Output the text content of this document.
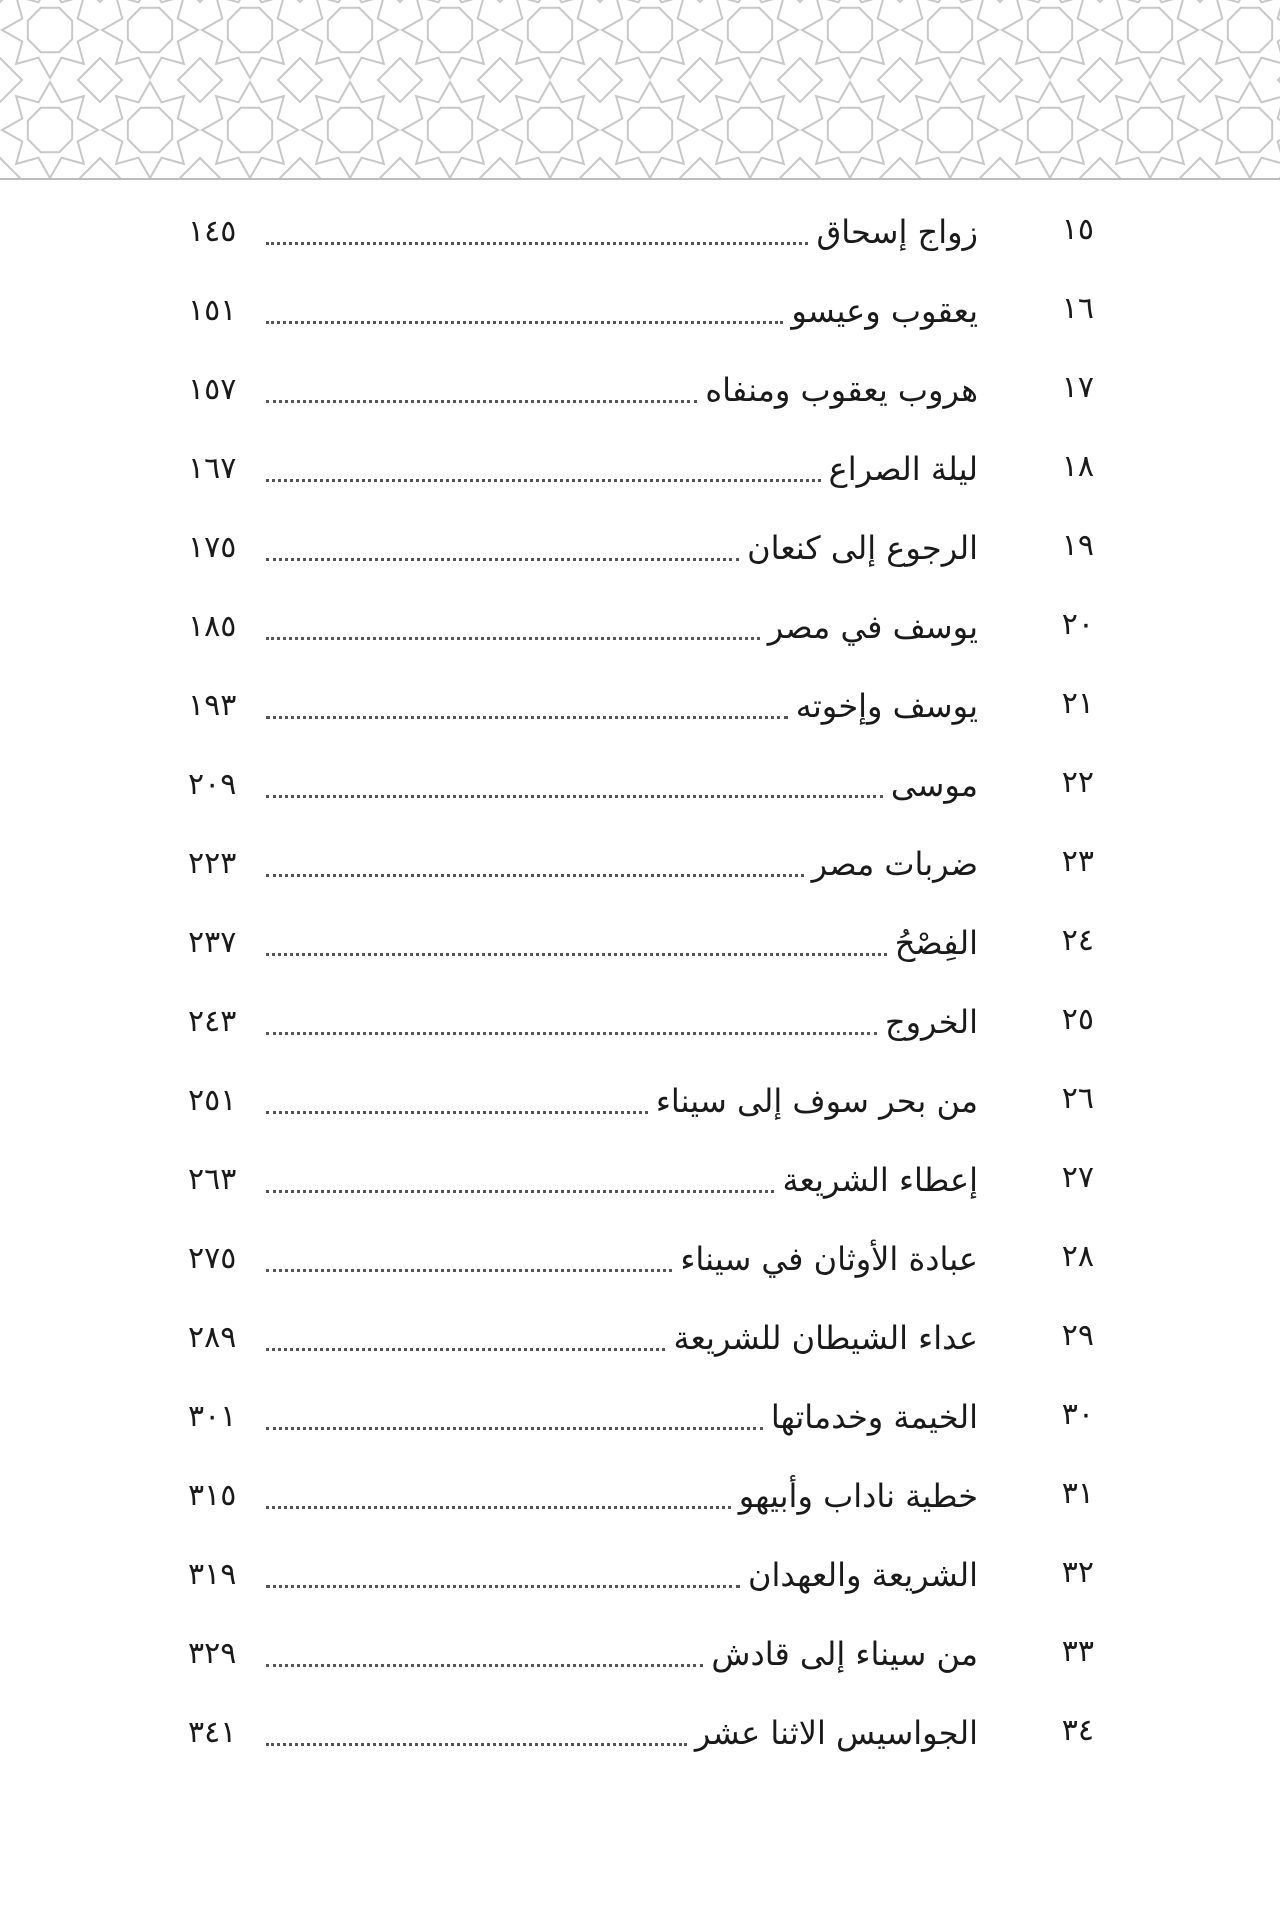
١٥
زواج إسحاق
١٤٥
١٦
يعقوب وعيسو
١٥١
١٧
هروب يعقوب ومنفاه
١٥٧
١٨
ليلة الصراع
١٦٧
١٩
الرجوع إلى كنعان
١٧٥
٢٠
يوسف في مصر
١٨٥
٢١
يوسف وإخوته
١٩٣
٢٢
موسى
٢٠٩
٢٣
ضربات مصر
٢٢٣
٢٤
الفِصْحُ
٢٣٧
٢٥
الخروج
٢٤٣
٢٦
من بحر سوف إلى سيناء
٢٥١
٢٧
إعطاء الشريعة
٢٦٣
٢٨
عبادة الأوثان في سيناء
٢٧٥
٢٩
عداء الشيطان للشريعة
٢٨٩
٣٠
الخيمة وخدماتها
٣٠١
٣١
خطية ناداب وأبيهو
٣١٥
٣٢
الشريعة والعهدان
٣١٩
٣٣
من سيناء إلى قادش
٣٢٩
٣٤
الجواسيس الاثنا عشر
٣٤١
